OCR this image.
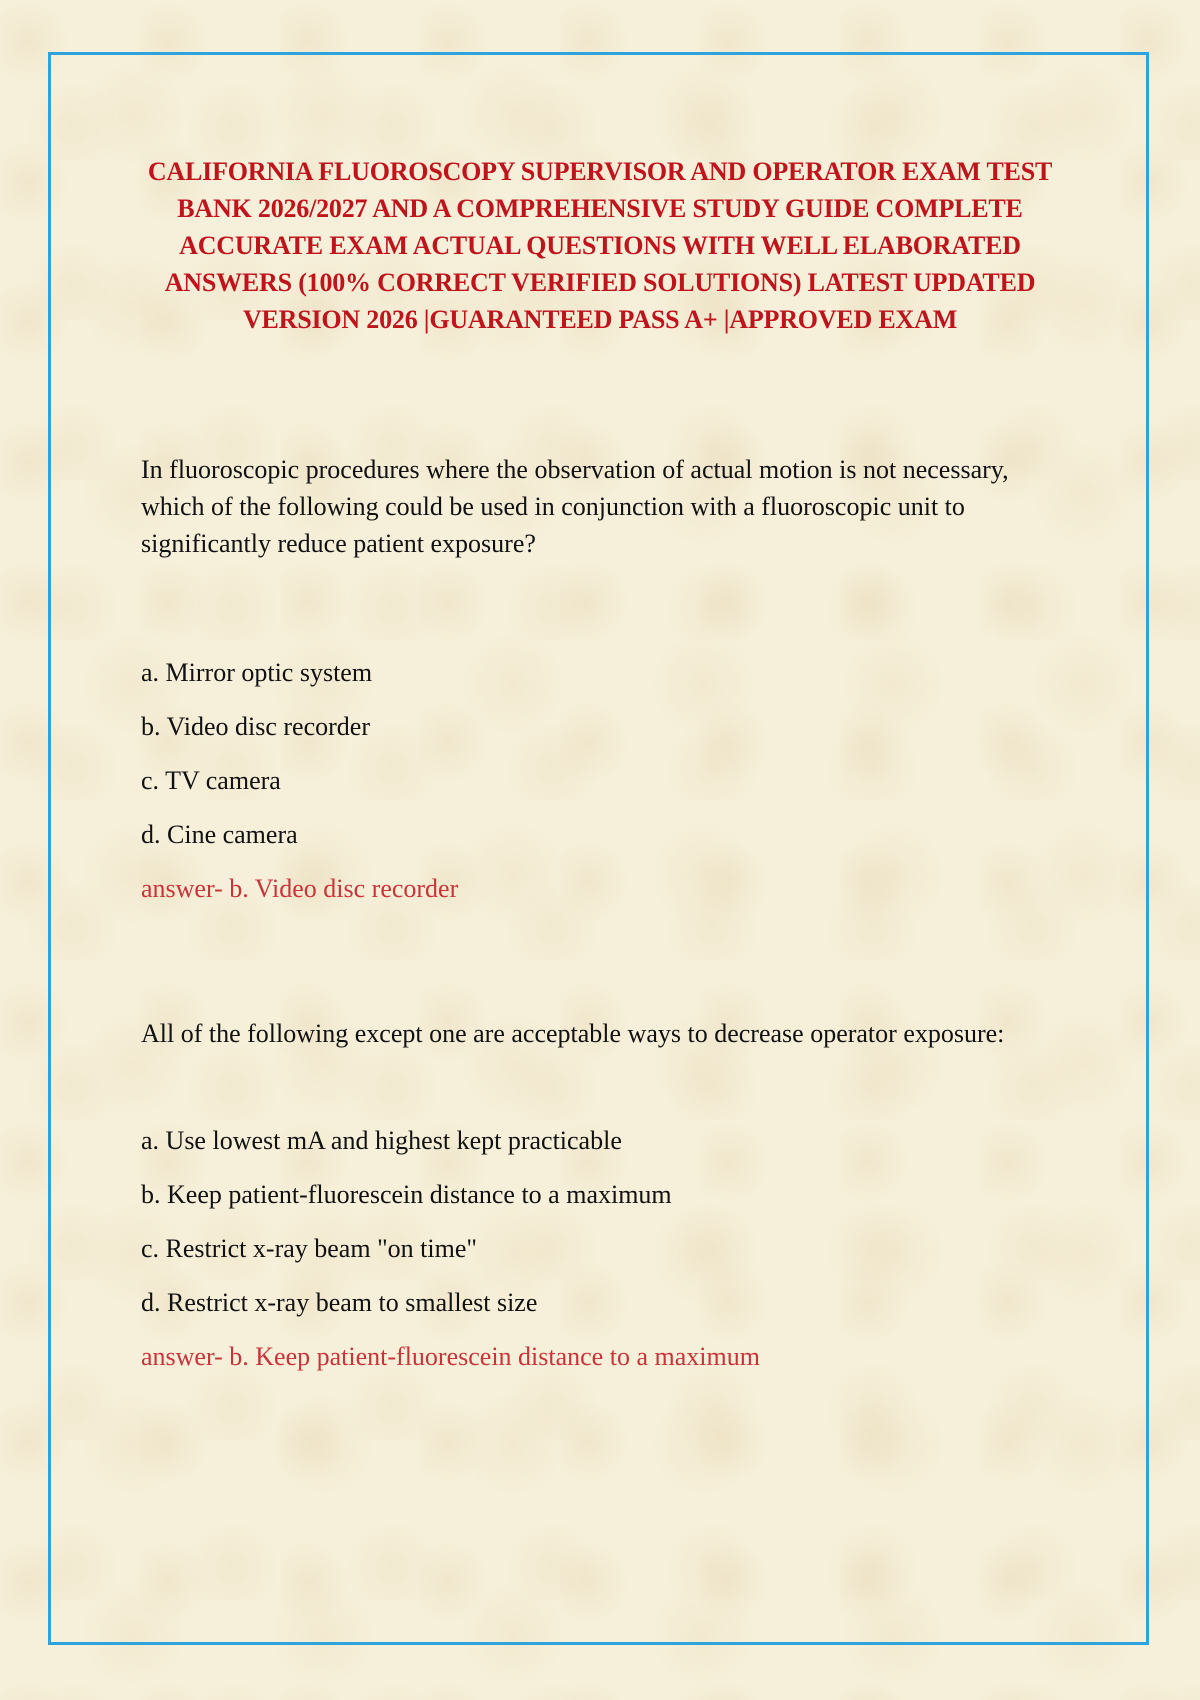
CALIFORNIA FLUOROSCOPY SUPERVISOR AND OPERATOR EXAM TEST BANK 2026/2027 AND A COMPREHENSIVE STUDY GUIDE COMPLETE ACCURATE EXAM ACTUAL QUESTIONS WITH WELL ELABORATED ANSWERS (100% CORRECT VERIFIED SOLUTIONS) LATEST UPDATED VERSION 2026 |GUARANTEED PASS A+ |APPROVED EXAM

In fluoroscopic procedures where the observation of actual motion is not necessary, which of the following could be used in conjunction with a fluoroscopic unit to significantly reduce patient exposure?

a. Mirror optic system
b. Video disc recorder
c. TV camera
d. Cine camera

answer- b. Video disc recorder

All of the following except one are acceptable ways to decrease operator exposure:

a. Use lowest mA and highest kept practicable
b. Keep patient-fluorescein distance to a maximum
c. Restrict x-ray beam "on time"
d. Restrict x-ray beam to smallest size

answer- b. Keep patient-fluorescein distance to a maximum
